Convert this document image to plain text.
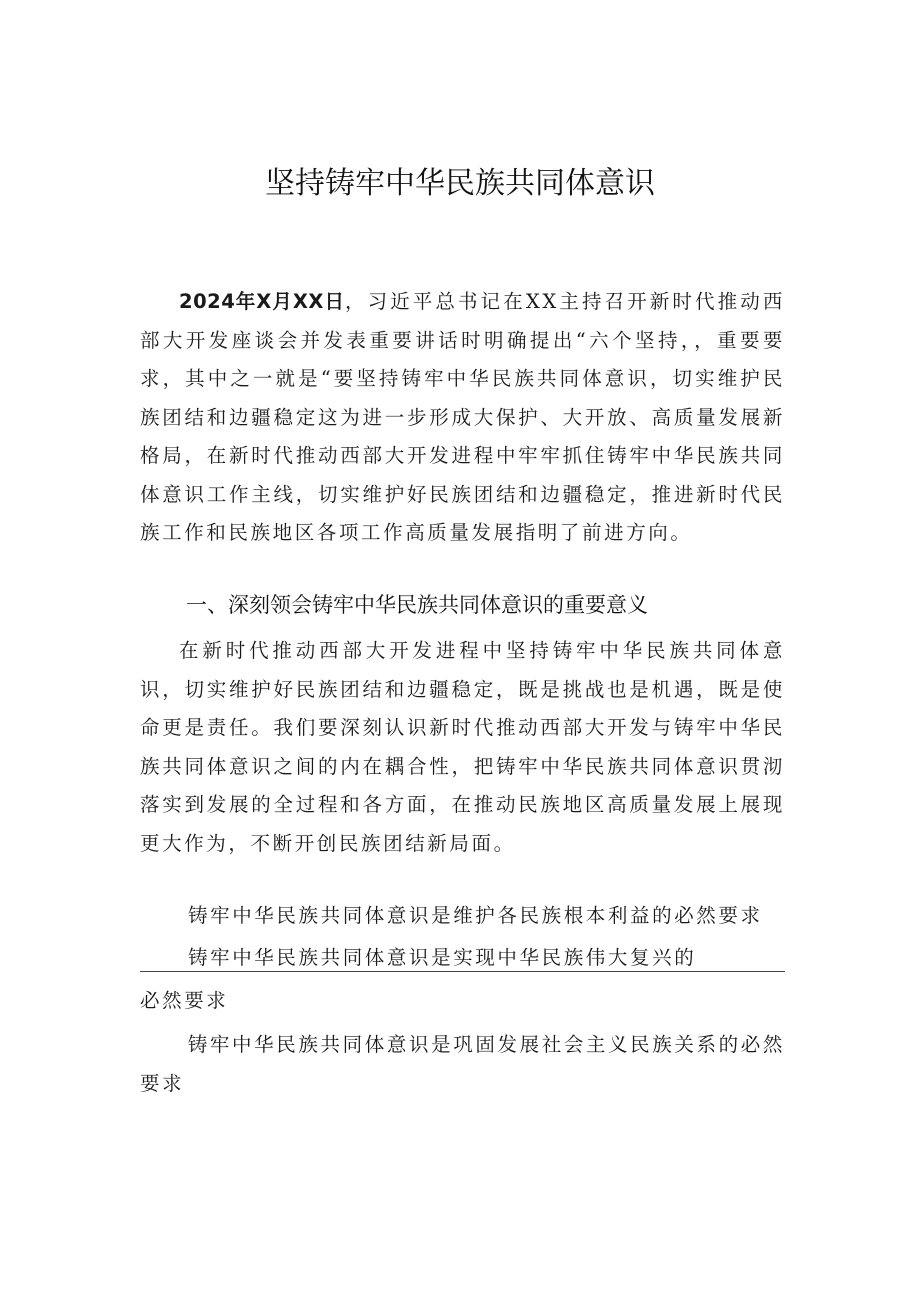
坚持铸牢中华民族共同体意识

2024年X月XX日，习近平总书记在XX主持召开新时代推动西部大开发座谈会并发表重要讲话时明确提出“六个坚持，，重要要求，其中之一就是“要坚持铸牢中华民族共同体意识，切实维护民族团结和边疆稳定这为进一步形成大保护、大开放、高质量发展新格局，在新时代推动西部大开发进程中牢牢抓住铸牢中华民族共同体意识工作主线，切实维护好民族团结和边疆稳定，推进新时代民族工作和民族地区各项工作高质量发展指明了前进方向。

一、深刻领会铸牢中华民族共同体意识的重要意义

在新时代推动西部大开发进程中坚持铸牢中华民族共同体意识，切实维护好民族团结和边疆稳定，既是挑战也是机遇，既是使命更是责任。我们要深刻认识新时代推动西部大开发与铸牢中华民族共同体意识之间的内在耦合性，把铸牢中华民族共同体意识贯沏落实到发展的全过程和各方面，在推动民族地区高质量发展上展现更大作为，不断开创民族团结新局面。

铸牢中华民族共同体意识是维护各民族根本利益的必然要求

铸牢中华民族共同体意识是实现中华民族伟大复兴的

必然要求

铸牢中华民族共同体意识是巩固发展社会主义民族关系的必然要求
